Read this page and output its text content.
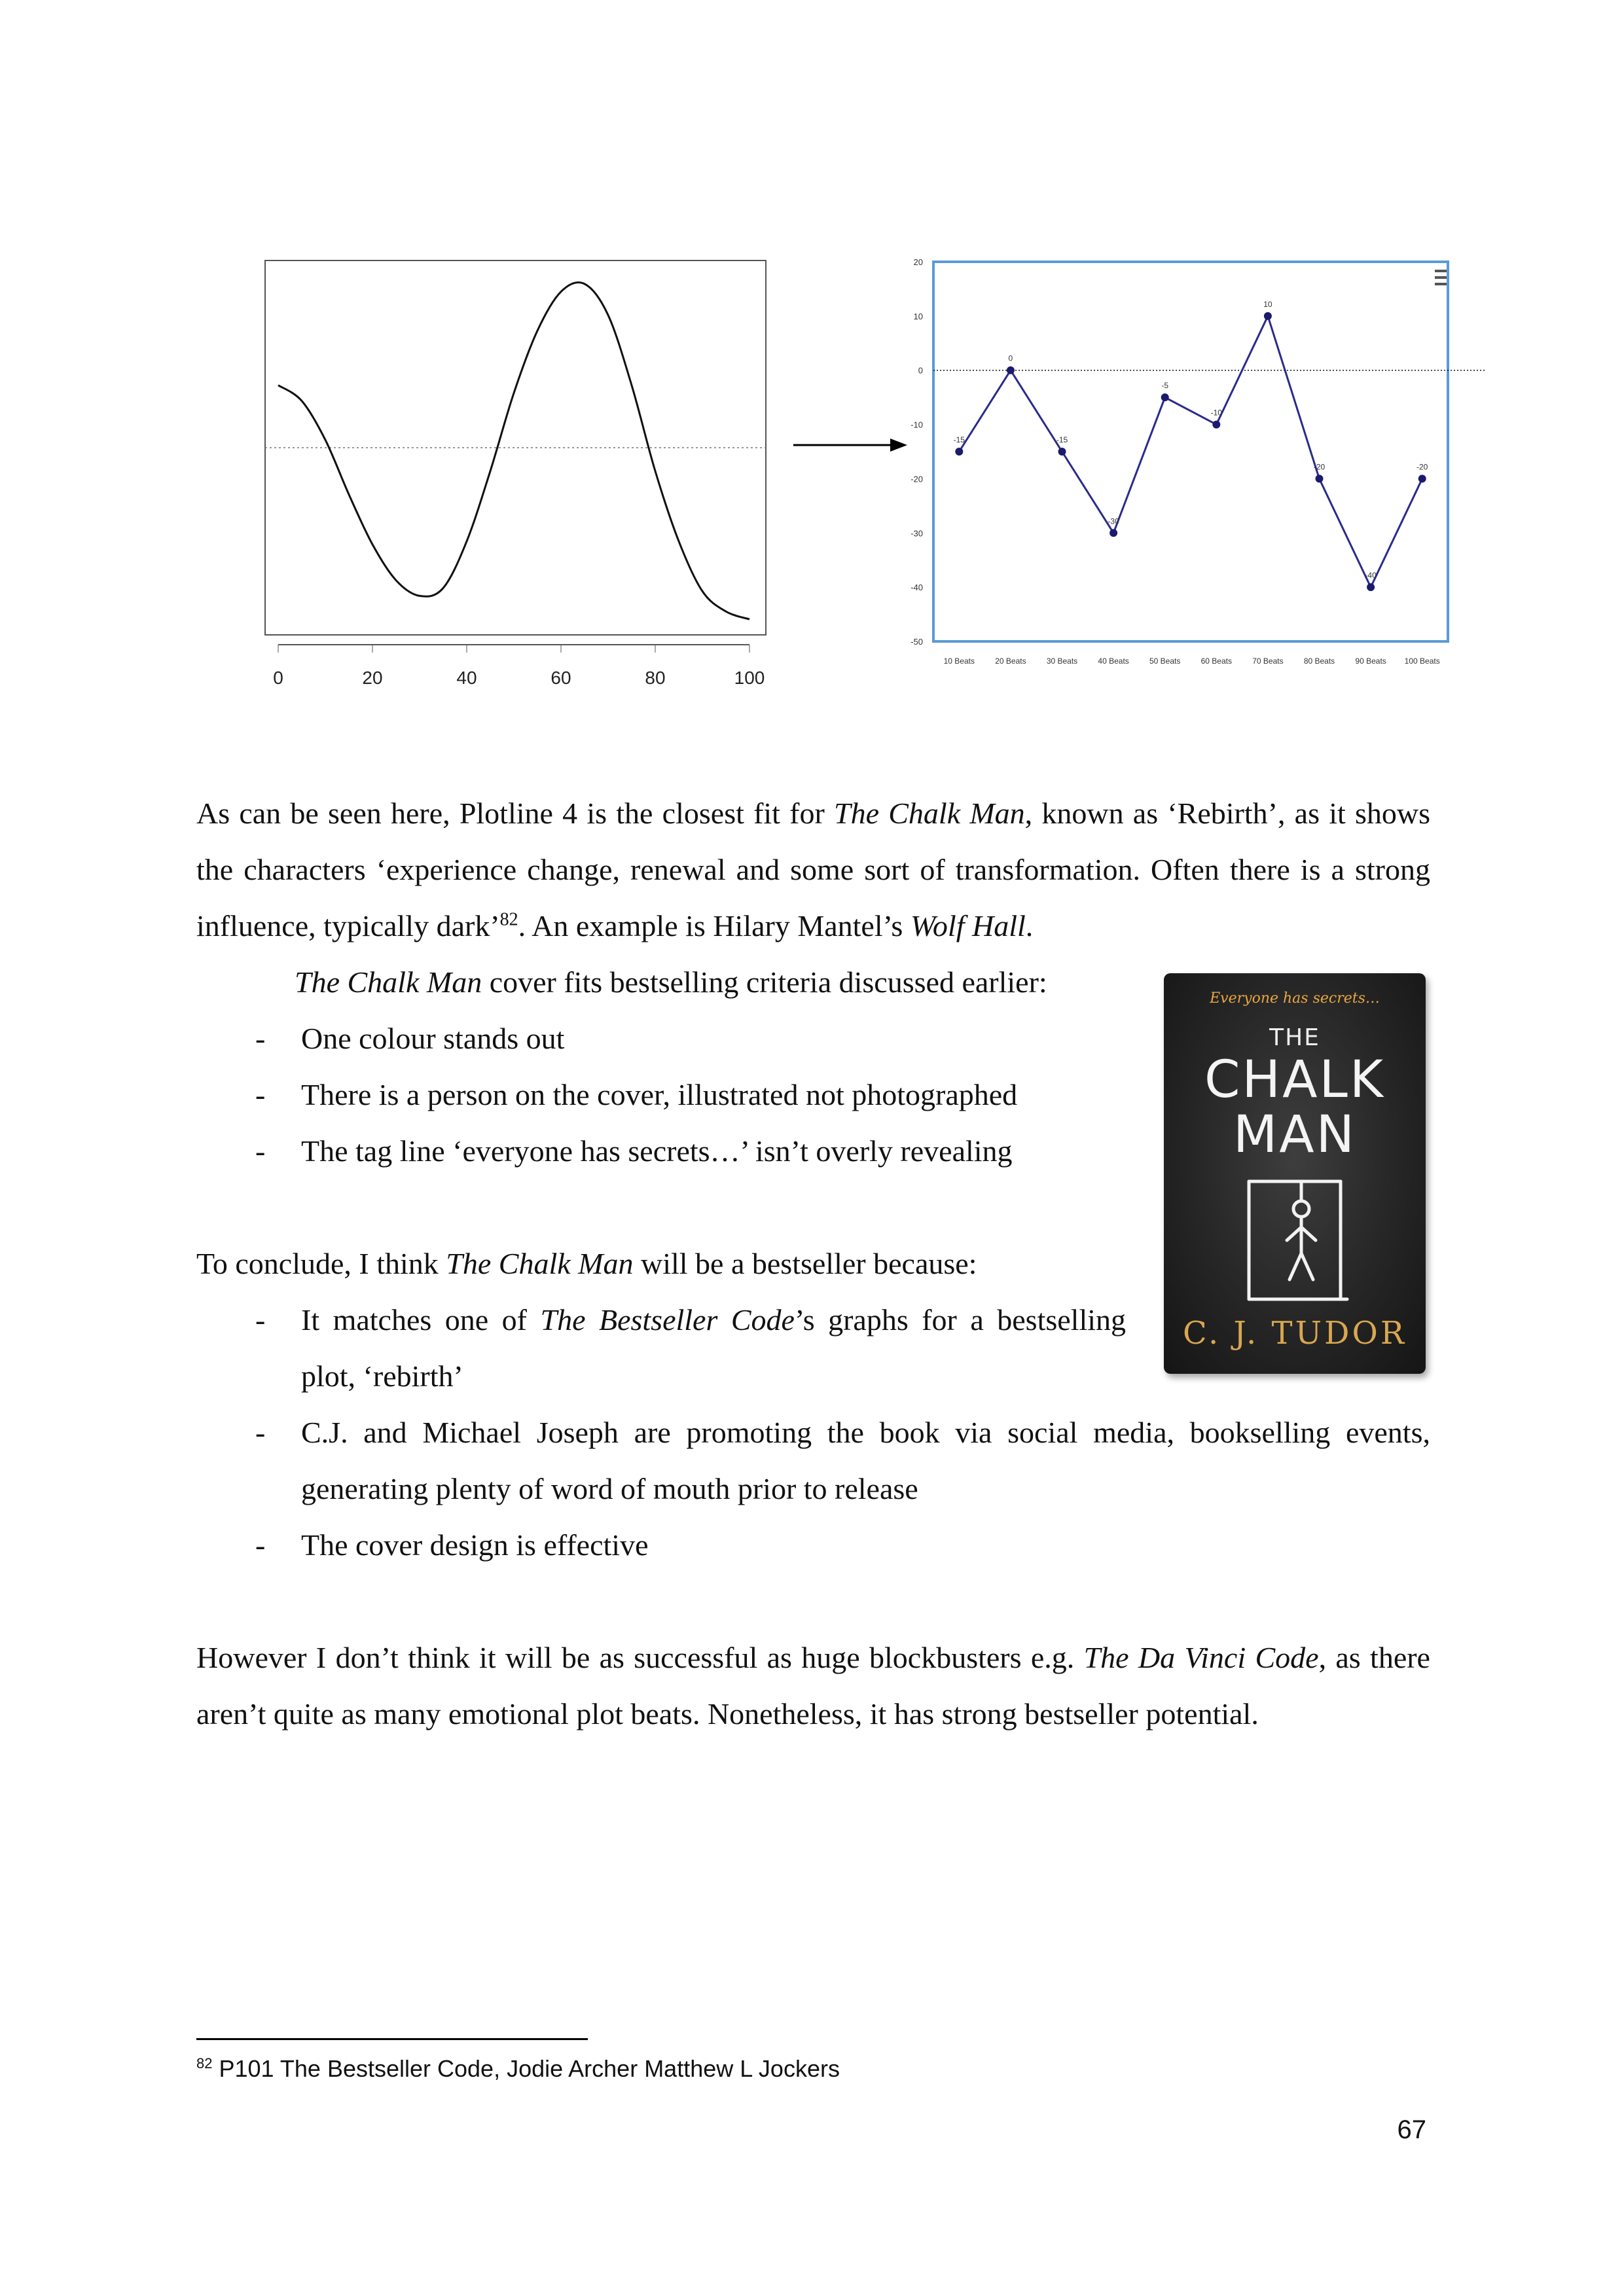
0	20	40	60	80	100
20
10
0
-10
-20
-30
-40
-50
10 Beats	20 Beats	30 Beats	40 Beats	50 Beats	60 Beats	70 Beats	80 Beats	90 Beats 100 Beats
-15
0
-15
-30
-5
-10
10
-20
-40
-20

As can be seen here, Plotline 4 is the closest fit for The Chalk Man, known as ‘Rebirth’, as it shows the characters ‘experience change, renewal and some sort of transformation. Often there is a strong influence, typically dark’$^{82}$. An example is Hilary Mantel’s Wolf Hall.

The Chalk Man cover fits bestselling criteria discussed earlier:

- One colour stands out

- There is a person on the cover, illustrated not photographed

- The tag line ‘everyone has secrets…’ isn’t overly revealing

To conclude, I think The Chalk Man will be a bestseller because:

- It matches one of The Bestseller Code’s graphs for a bestselling plot, ‘rebirth’

- C.J. and Michael Joseph are promoting the book via social media, bookselling events, generating plenty of word of mouth prior to release

- The cover design is effective

However I don’t think it will be as successful as huge blockbusters e.g. The Da Vinci Code, as there aren’t quite as many emotional plot beats. Nonetheless, it has strong bestseller potential.

Everyone has secrets…
THE
CHALK
MAN
C. J. TUDOR
$^{82}$ P101 The Bestseller Code, Jodie Archer Matthew L Jockers
67
